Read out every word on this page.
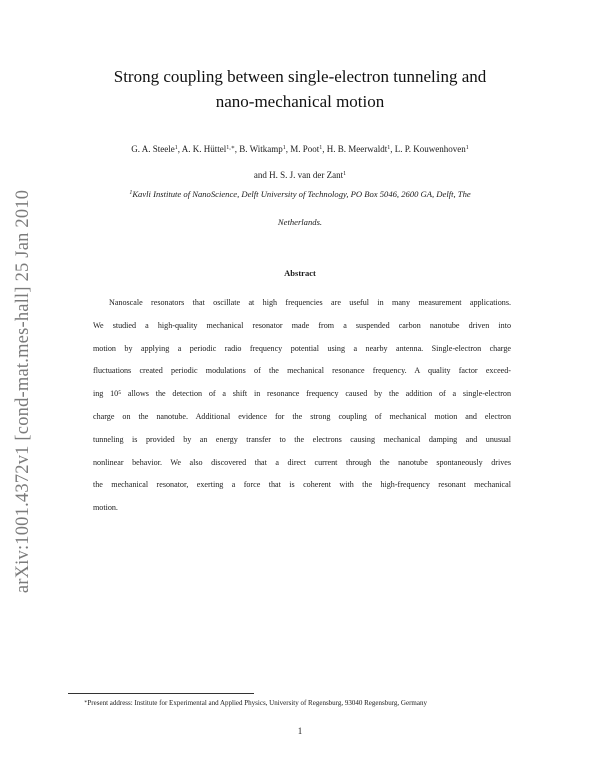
arXiv:1001.4372v1 [cond-mat.mes-hall] 25 Jan 2010
Strong coupling between single-electron tunneling and
nano-mechanical motion
G. A. Steele$^1$, A. K. Hüttel$^{1,∗}$, B. Witkamp$^1$, M. Poot$^1$, H. B. Meerwaldt$^1$, L. P. Kouwenhoven$^1$
and H. S. J. van der Zant$^1$
$^1$Kavli Institute of NanoScience, Delft University of Technology, PO Box 5046, 2600 GA, Delft, The
Netherlands.
Abstract
Nanoscale resonators that oscillate at high frequencies are useful in many measurement applications.
We studied a high-quality mechanical resonator made from a suspended carbon nanotube driven into
motion by applying a periodic radio frequency potential using a nearby antenna. Single-electron charge
fluctuations created periodic modulations of the mechanical resonance frequency. A quality factor exceed-
ing 10⁵ allows the detection of a shift in resonance frequency caused by the addition of a single-electron
charge on the nanotube. Additional evidence for the strong coupling of mechanical motion and electron
tunneling is provided by an energy transfer to the electrons causing mechanical damping and unusual
nonlinear behavior. We also discovered that a direct current through the nanotube spontaneously drives
the mechanical resonator, exerting a force that is coherent with the high-frequency resonant mechanical
motion.
∗Present address: Institute for Experimental and Applied Physics, University of Regensburg, 93040 Regensburg, Germany
1
